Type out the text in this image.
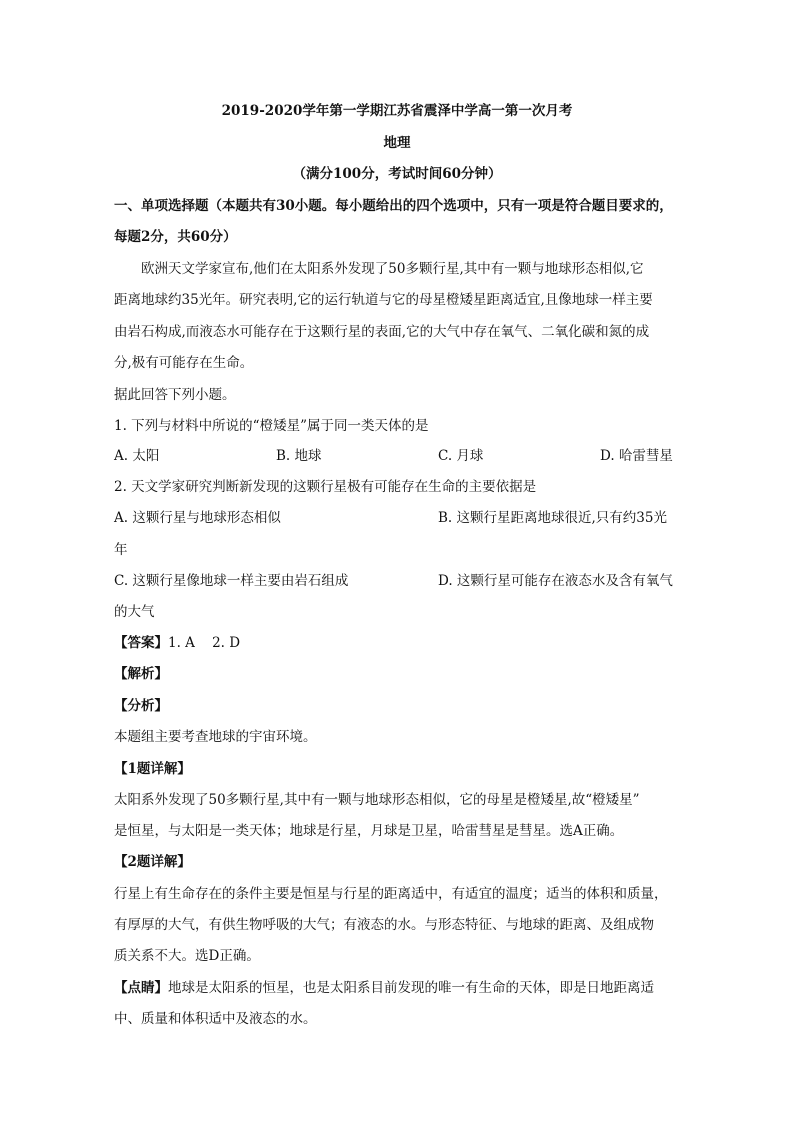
2019-2020学年第一学期江苏省震泽中学高一第一次月考
地理
（满分100分，考试时间60分钟）
一、单项选择题（本题共有30小题。每小题给出的四个选项中，只有一项是符合题目要求的，
每题2分，共60分）
欧洲天文学家宣布,他们在太阳系外发现了50多颗行星,其中有一颗与地球形态相似,它
距离地球约35光年。研究表明,它的运行轨道与它的母星橙矮星距离适宜,且像地球一样主要
由岩石构成,而液态水可能存在于这颗行星的表面,它的大气中存在氧气、二氧化碳和氮的成
分,极有可能存在生命。
据此回答下列小题。
1. 下列与材料中所说的“橙矮星”属于同一类天体的是
A. 太阳	B. 地球	C. 月球	D. 哈雷彗星
2. 天文学家研究判断新发现的这颗行星极有可能存在生命的主要依据是
A. 这颗行星与地球形态相似	B. 这颗行星距离地球很近,只有约35光
年
C. 这颗行星像地球一样主要由岩石组成	D. 这颗行星可能存在液态水及含有氧气
的大气
【答案】1. A    2. D
【解析】
【分析】
本题组主要考查地球的宇宙环境。
【1题详解】
太阳系外发现了50多颗行星,其中有一颗与地球形态相似，它的母星是橙矮星,故“橙矮星”
是恒星，与太阳是一类天体；地球是行星，月球是卫星，哈雷彗星是彗星。选A正确。
【2题详解】
行星上有生命存在的条件主要是恒星与行星的距离适中，有适宜的温度；适当的体积和质量，
有厚厚的大气，有供生物呼吸的大气；有液态的水。与形态特征、与地球的距离、及组成物
质关系不大。选D正确。
【点睛】地球是太阳系的恒星，也是太阳系目前发现的唯一有生命的天体，即是日地距离适
中、质量和体积适中及液态的水。
